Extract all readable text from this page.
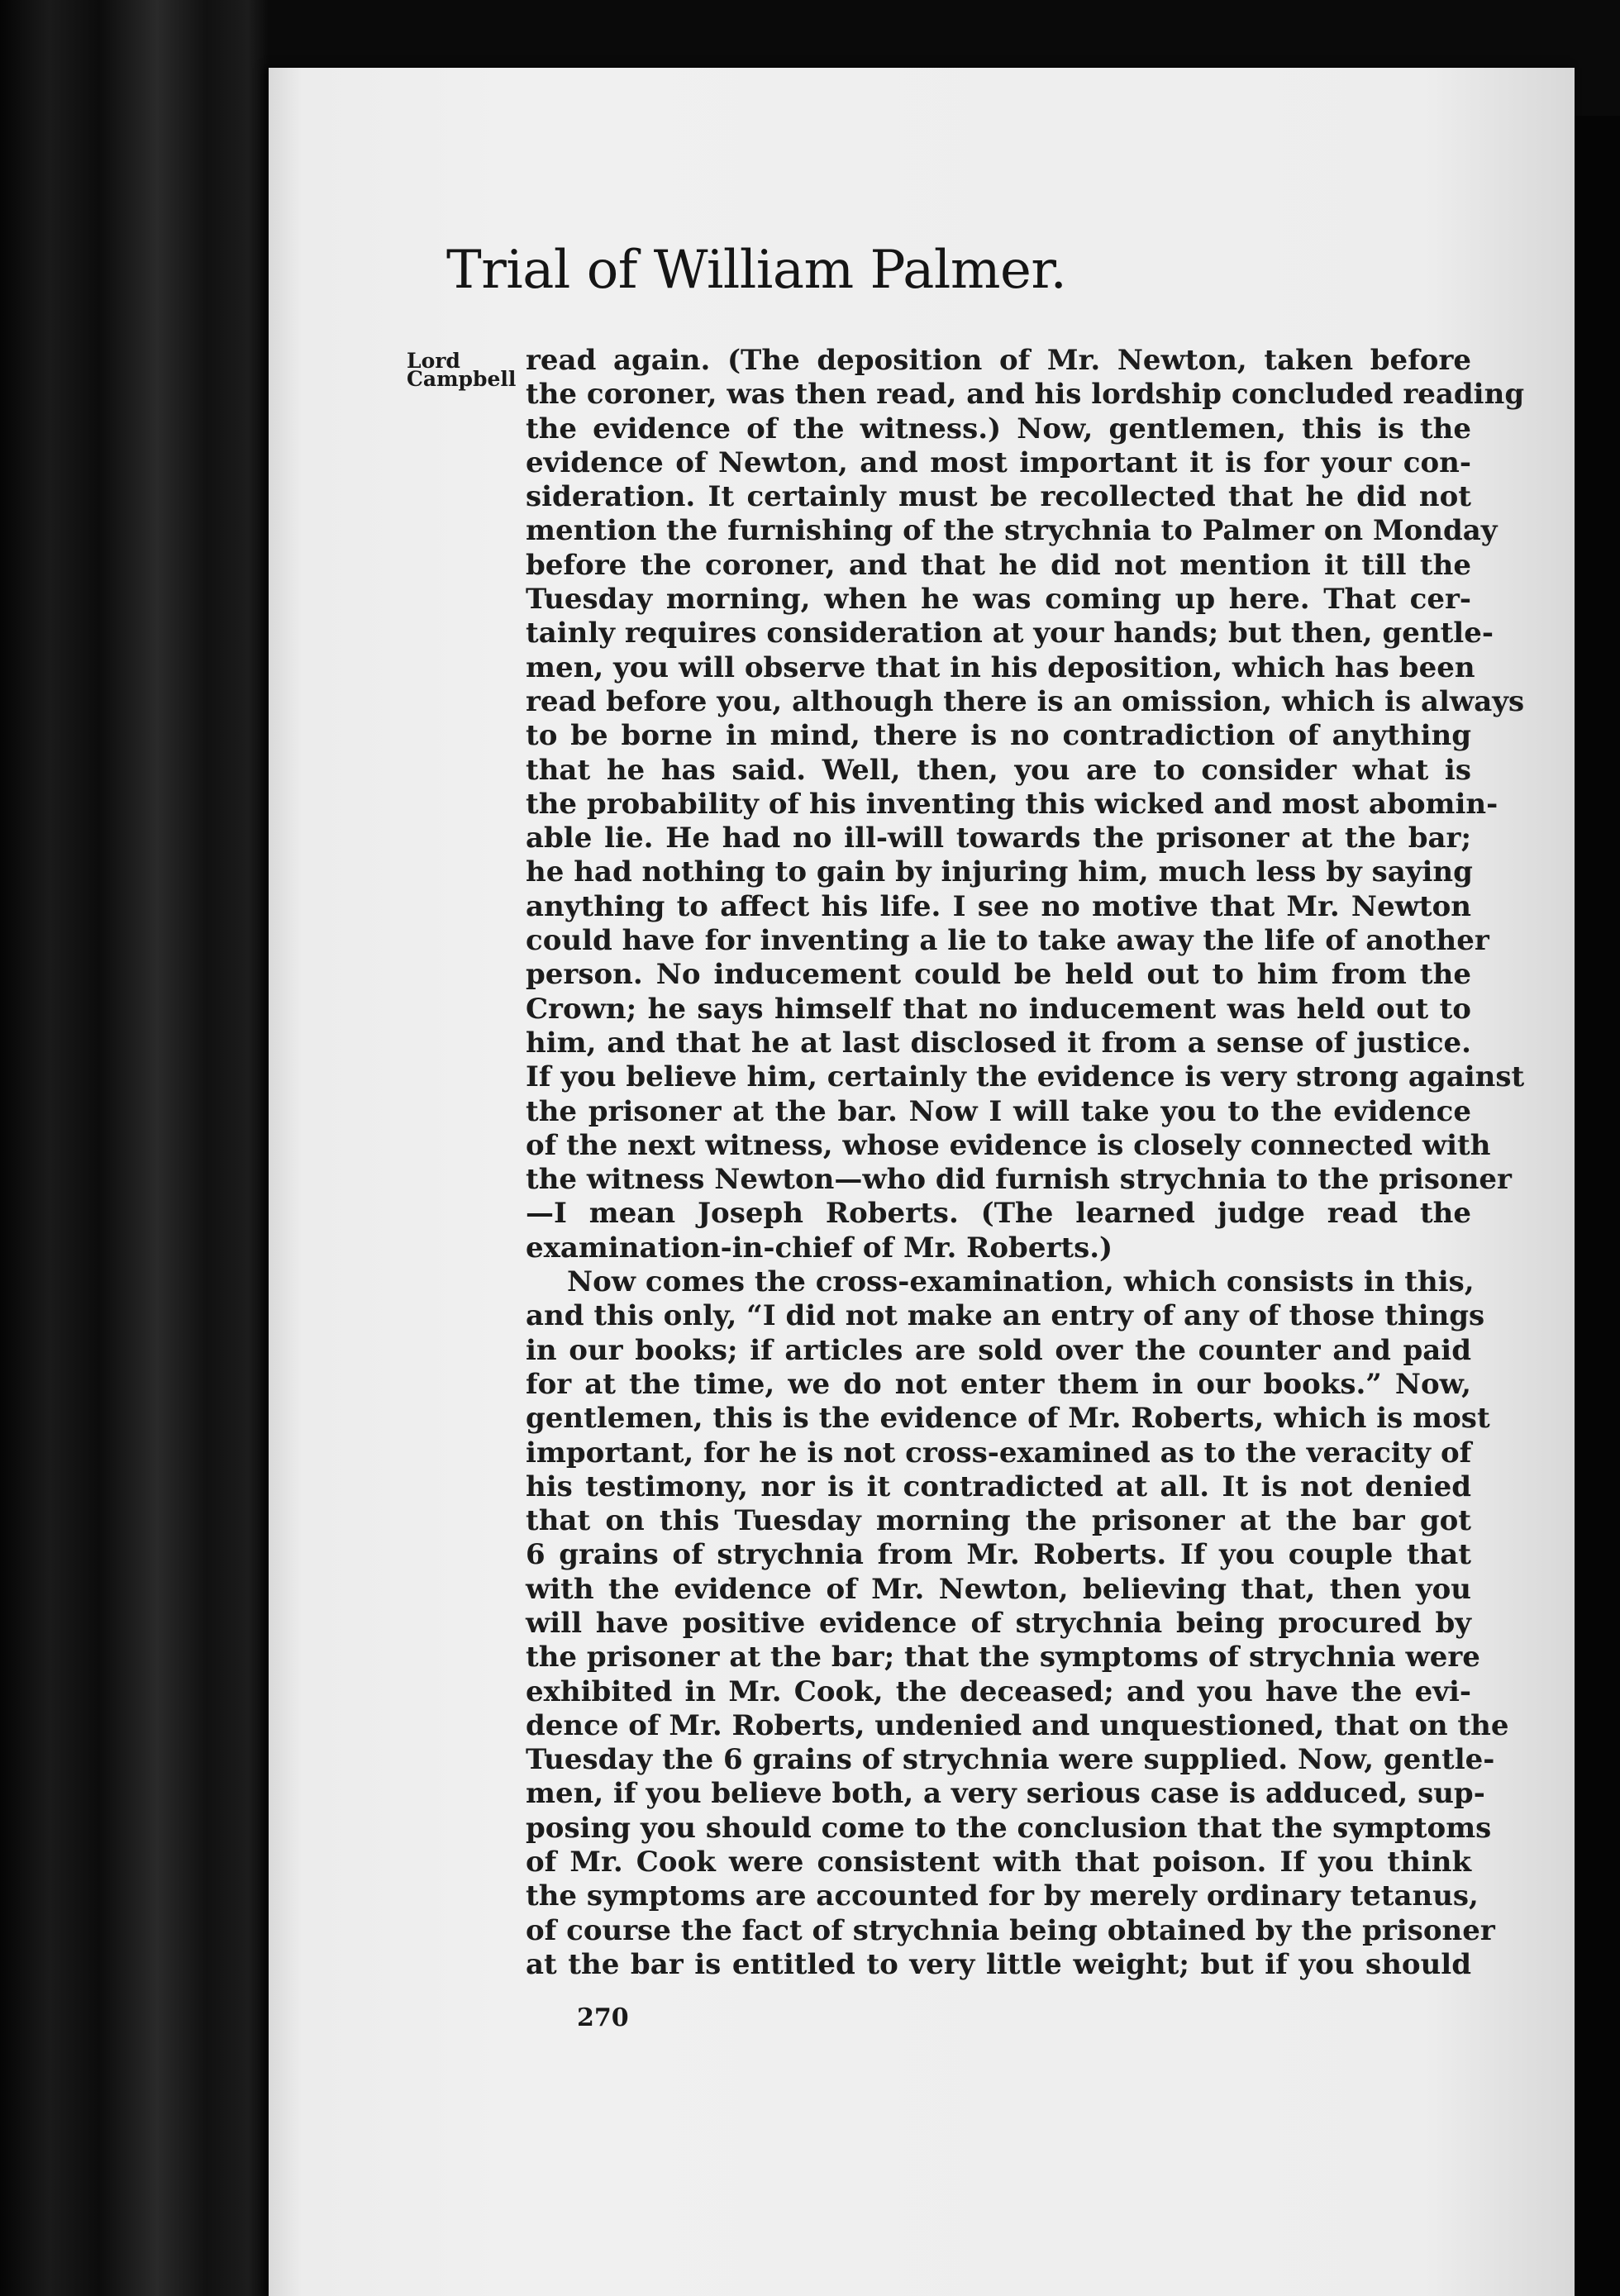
Trial of William Palmer.
Lord
Campbell
read again. (The deposition of Mr. Newton, taken before
the coroner, was then read, and his lordship concluded reading
the evidence of the witness.) Now, gentlemen, this is the
evidence of Newton, and most important it is for your con-
sideration. It certainly must be recollected that he did not
mention the furnishing of the strychnia to Palmer on Monday
before the coroner, and that he did not mention it till the
Tuesday morning, when he was coming up here. That cer-
tainly requires consideration at your hands; but then, gentle-
men, you will observe that in his deposition, which has been
read before you, although there is an omission, which is always
to be borne in mind, there is no contradiction of anything
that he has said. Well, then, you are to consider what is
the probability of his inventing this wicked and most abomin-
able lie. He had no ill-will towards the prisoner at the bar;
he had nothing to gain by injuring him, much less by saying
anything to affect his life. I see no motive that Mr. Newton
could have for inventing a lie to take away the life of another
person. No inducement could be held out to him from the
Crown; he says himself that no inducement was held out to
him, and that he at last disclosed it from a sense of justice.
If you believe him, certainly the evidence is very strong against
the prisoner at the bar. Now I will take you to the evidence
of the next witness, whose evidence is closely connected with
the witness Newton—who did furnish strychnia to the prisoner
—I mean Joseph Roberts. (The learned judge read the
examination-in-chief of Mr. Roberts.)
Now comes the cross-examination, which consists in this,
and this only, “I did not make an entry of any of those things
in our books; if articles are sold over the counter and paid
for at the time, we do not enter them in our books.” Now,
gentlemen, this is the evidence of Mr. Roberts, which is most
important, for he is not cross-examined as to the veracity of
his testimony, nor is it contradicted at all. It is not denied
that on this Tuesday morning the prisoner at the bar got
6 grains of strychnia from Mr. Roberts. If you couple that
with the evidence of Mr. Newton, believing that, then you
will have positive evidence of strychnia being procured by
the prisoner at the bar; that the symptoms of strychnia were
exhibited in Mr. Cook, the deceased; and you have the evi-
dence of Mr. Roberts, undenied and unquestioned, that on the
Tuesday the 6 grains of strychnia were supplied. Now, gentle-
men, if you believe both, a very serious case is adduced, sup-
posing you should come to the conclusion that the symptoms
of Mr. Cook were consistent with that poison. If you think
the symptoms are accounted for by merely ordinary tetanus,
of course the fact of strychnia being obtained by the prisoner
at the bar is entitled to very little weight; but if you should
270
